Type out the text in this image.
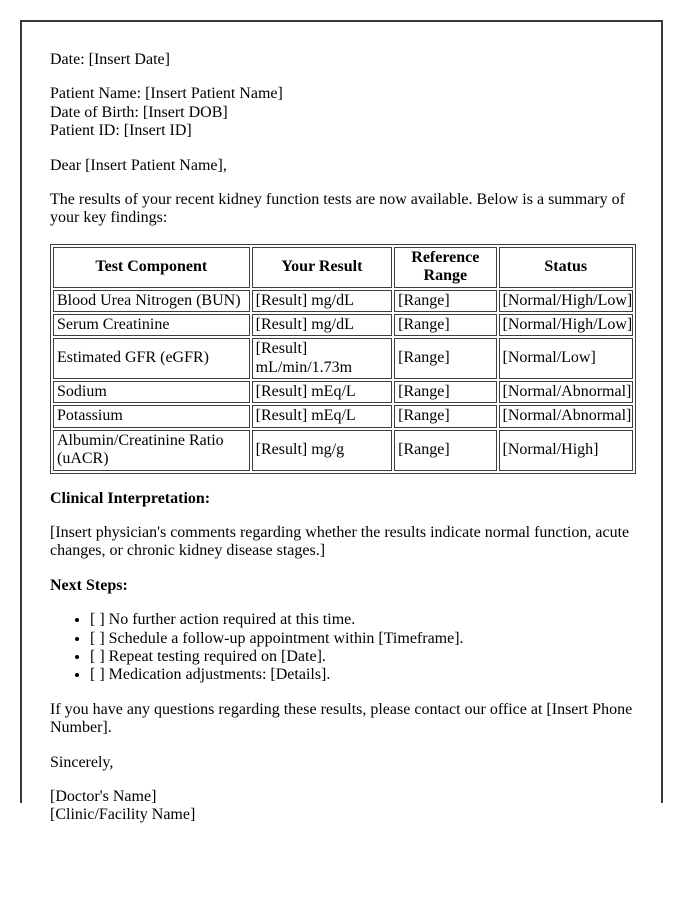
Date: [Insert Date]

Patient Name: [Insert Patient Name]
Date of Birth: [Insert DOB]
Patient ID: [Insert ID]

Dear [Insert Patient Name],

The results of your recent kidney function tests are now available. Below is a summary of your key findings:

Test Component	Your Result	Reference Range	Status
Blood Urea Nitrogen (BUN)	[Result] mg/dL	[Range]	[Normal/High/Low]
Serum Creatinine	[Result] mg/dL	[Range]	[Normal/High/Low]
Estimated GFR (eGFR)	[Result] mL/min/1.73m	[Range]	[Normal/Low]
Sodium	[Result] mEq/L	[Range]	[Normal/Abnormal]
Potassium	[Result] mEq/L	[Range]	[Normal/Abnormal]
Albumin/Creatinine Ratio (uACR)	[Result] mg/g	[Range]	[Normal/High]

Clinical Interpretation:

[Insert physician's comments regarding whether the results indicate normal function, acute changes, or chronic kidney disease stages.]

Next Steps:

• [ ] No further action required at this time.
• [ ] Schedule a follow-up appointment within [Timeframe].
• [ ] Repeat testing required on [Date].
• [ ] Medication adjustments: [Details].

If you have any questions regarding these results, please contact our office at [Insert Phone Number].

Sincerely,

[Doctor's Name]
[Clinic/Facility Name]
